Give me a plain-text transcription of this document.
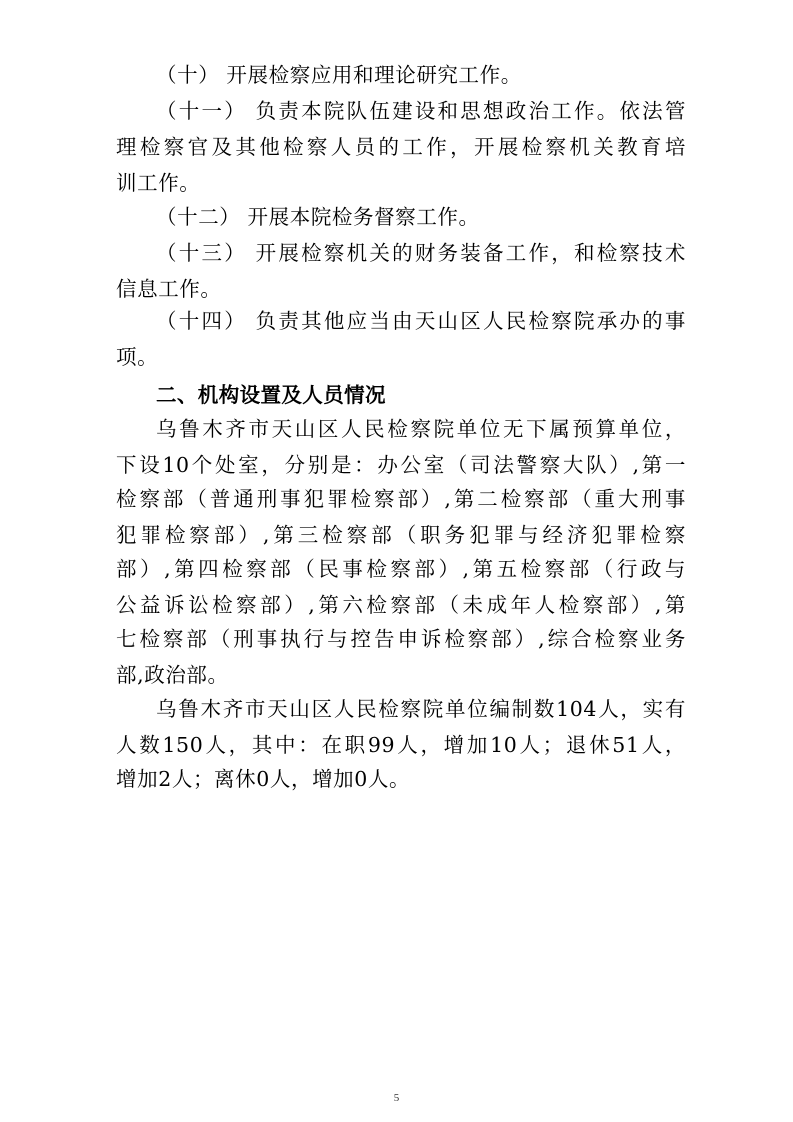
（十） 开展检察应用和理论研究工作。
（十一） 负责本院队伍建设和思想政治工作。依法管
理检察官及其他检察人员的工作，开展检察机关教育培
训工作。
（十二） 开展本院检务督察工作。
（十三） 开展检察机关的财务装备工作，和检察技术
信息工作。
（十四） 负责其他应当由天山区人民检察院承办的事
项。
二、机构设置及人员情况
乌鲁木齐市天山区人民检察院单位无下属预算单位，
下设10个处室，分别是：办公室（司法警察大队）,第一
检察部（普通刑事犯罪检察部）,第二检察部（重大刑事
犯罪检察部）,第三检察部（职务犯罪与经济犯罪检察
部）,第四检察部（民事检察部）,第五检察部（行政与
公益诉讼检察部）,第六检察部（未成年人检察部）,第
七检察部（刑事执行与控告申诉检察部）,综合检察业务
部,政治部。
乌鲁木齐市天山区人民检察院单位编制数104人，实有
人数150人，其中：在职99人，增加10人；退休51人，
增加2人；离休0人，增加0人。
5
